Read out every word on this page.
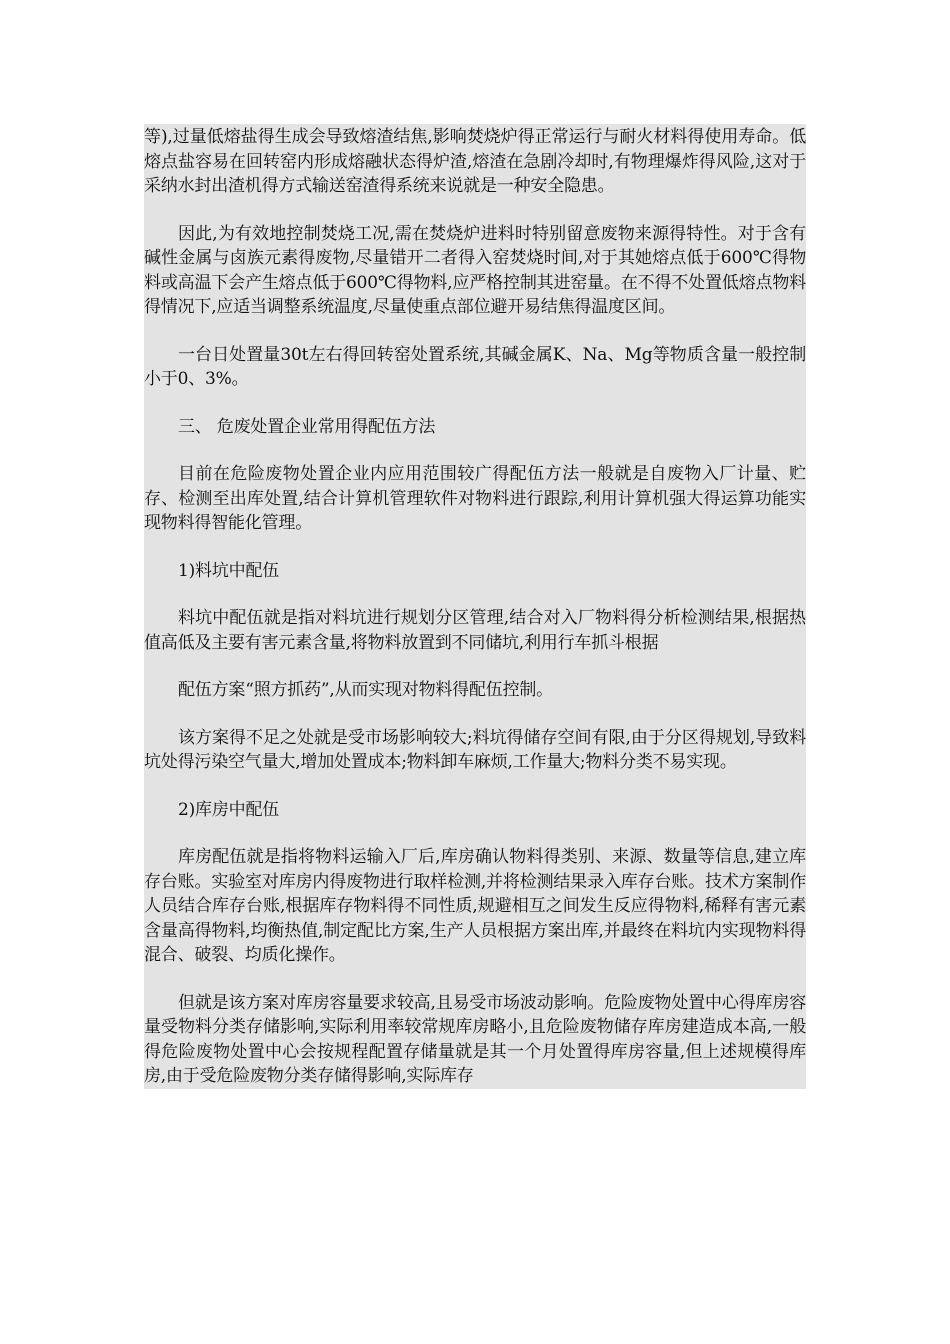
等),过量低熔盐得生成会导致熔渣结焦,影响焚烧炉得正常运行与耐火材料得使用寿命。低熔点盐容易在回转窑内形成熔融状态得炉渣,熔渣在急剧冷却时,有物理爆炸得风险,这对于采纳水封出渣机得方式输送窑渣得系统来说就是一种安全隐患。

因此,为有效地控制焚烧工况,需在焚烧炉进料时特别留意废物来源得特性。对于含有碱性金属与卤族元素得废物,尽量错开二者得入窑焚烧时间,对于其她熔点低于600℃得物料或高温下会产生熔点低于600℃得物料,应严格控制其进窑量。在不得不处置低熔点物料得情况下,应适当调整系统温度,尽量使重点部位避开易结焦得温度区间。

一台日处置量30t左右得回转窑处置系统,其碱金属K、Na、Mg等物质含量一般控制小于0、3%。

三、 危废处置企业常用得配伍方法

目前在危险废物处置企业内应用范围较广得配伍方法一般就是自废物入厂计量、贮存、检测至出库处置,结合计算机管理软件对物料进行跟踪,利用计算机强大得运算功能实现物料得智能化管理。

1)料坑中配伍

料坑中配伍就是指对料坑进行规划分区管理,结合对入厂物料得分析检测结果,根据热值高低及主要有害元素含量,将物料放置到不同储坑,利用行车抓斗根据

配伍方案“照方抓药”,从而实现对物料得配伍控制。

该方案得不足之处就是受市场影响较大;料坑得储存空间有限,由于分区得规划,导致料坑处得污染空气量大,增加处置成本;物料卸车麻烦,工作量大;物料分类不易实现。

2)库房中配伍

库房配伍就是指将物料运输入厂后,库房确认物料得类别、来源、数量等信息,建立库存台账。实验室对库房内得废物进行取样检测,并将检测结果录入库存台账。技术方案制作人员结合库存台账,根据库存物料得不同性质,规避相互之间发生反应得物料,稀释有害元素含量高得物料,均衡热值,制定配比方案,生产人员根据方案出库,并最终在料坑内实现物料得混合、破裂、均质化操作。

但就是该方案对库房容量要求较高,且易受市场波动影响。危险废物处置中心得库房容量受物料分类存储影响,实际利用率较常规库房略小,且危险废物储存库房建造成本高,一般得危险废物处置中心会按规程配置存储量就是其一个月处置得库房容量,但上述规模得库房,由于受危险废物分类存储得影响,实际库存
